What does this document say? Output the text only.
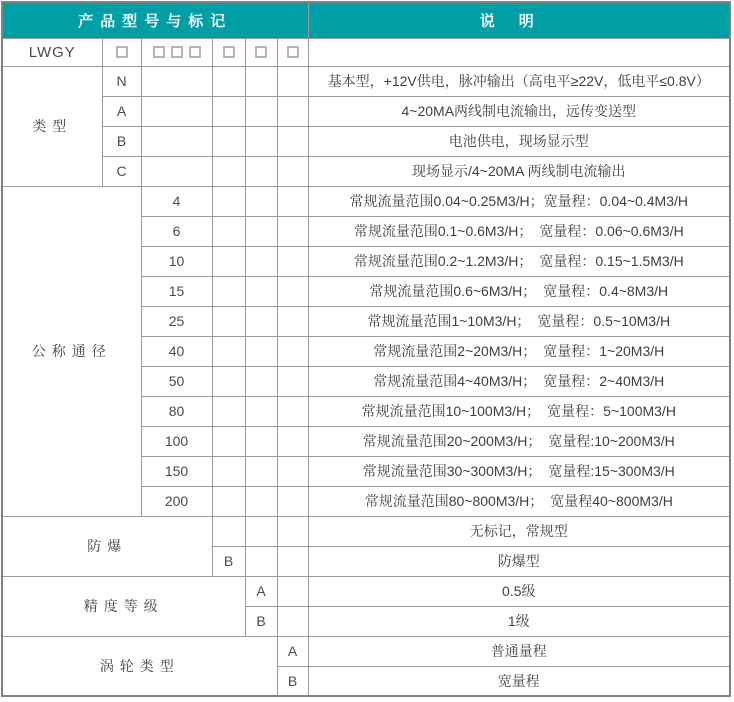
产品型号与标记						说明
LWGY						
类型	N					基本型，+12V供电，脉冲输出（高电平≥22V，低电平≤0.8V）
	A					4~20MA两线制电流输出，远传变送型
	B					电池供电，现场显示型
	C					现场显示/4~20MA 两线制电流输出
公称通径		4				常规流量范围0.04~0.25M3/H；宽量程：0.04~0.4M3/H
		6				常规流量范围0.1~0.6M3/H；　宽量程：0.06~0.6M3/H
		10				常规流量范围0.2~1.2M3/H；　宽量程：0.15~1.5M3/H
		15				常规流量范围0.6~6M3/H；　宽量程：0.4~8M3/H
		25				常规流量范围1~10M3/H；　宽量程：0.5~10M3/H
		40				常规流量范围2~20M3/H；　宽量程：1~20M3/H
		50				常规流量范围4~40M3/H；　宽量程：2~40M3/H
		80				常规流量范围10~100M3/H；　宽量程：5~100M3/H
		100				常规流量范围20~200M3/H；　宽量程:10~200M3/H
		150				常规流量范围30~300M3/H；　宽量程:15~300M3/H
		200				常规流量范围80~800M3/H；　宽量程40~800M3/H
防爆						无标记，常规型
			B			防爆型
精度等级				A		0.5级
				B		1级
涡轮类型					A	普通量程
					B	宽量程
